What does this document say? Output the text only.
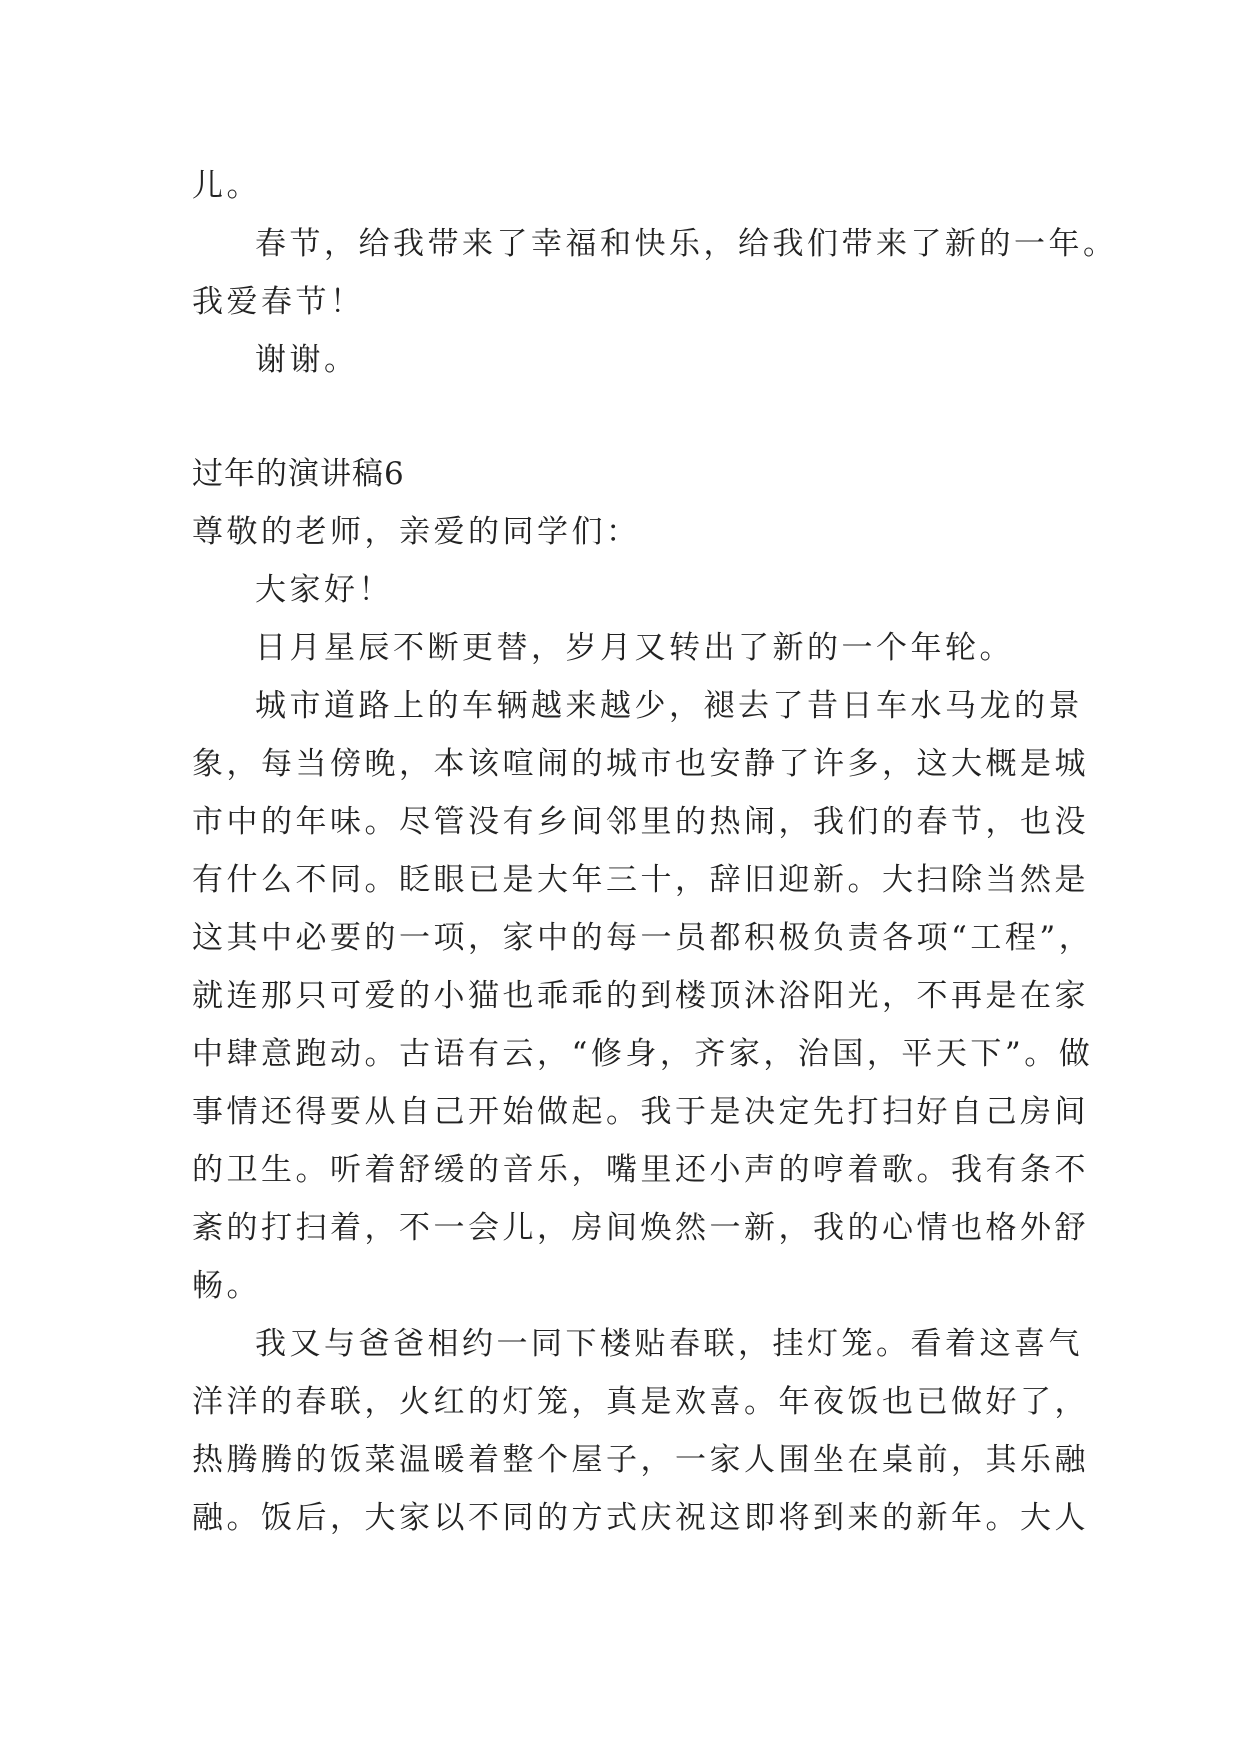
儿。
春节，给我带来了幸福和快乐，给我们带来了新的一年。
我爱春节！
谢谢。
过年的演讲稿6
尊敬的老师，亲爱的同学们：
大家好！
日月星辰不断更替，岁月又转出了新的一个年轮。
城市道路上的车辆越来越少，褪去了昔日车水马龙的景
象，每当傍晚，本该喧闹的城市也安静了许多，这大概是城
市中的年味。尽管没有乡间邻里的热闹，我们的春节，也没
有什么不同。眨眼已是大年三十，辞旧迎新。大扫除当然是
这其中必要的一项，家中的每一员都积极负责各项“工程”，
就连那只可爱的小猫也乖乖的到楼顶沐浴阳光，不再是在家
中肆意跑动。古语有云，“修身，齐家，治国，平天下”。做
事情还得要从自己开始做起。我于是决定先打扫好自己房间
的卫生。听着舒缓的音乐，嘴里还小声的哼着歌。我有条不
紊的打扫着，不一会儿，房间焕然一新，我的心情也格外舒
畅。
我又与爸爸相约一同下楼贴春联，挂灯笼。看着这喜气
洋洋的春联，火红的灯笼，真是欢喜。年夜饭也已做好了，
热腾腾的饭菜温暖着整个屋子，一家人围坐在桌前，其乐融
融。饭后，大家以不同的方式庆祝这即将到来的新年。大人
